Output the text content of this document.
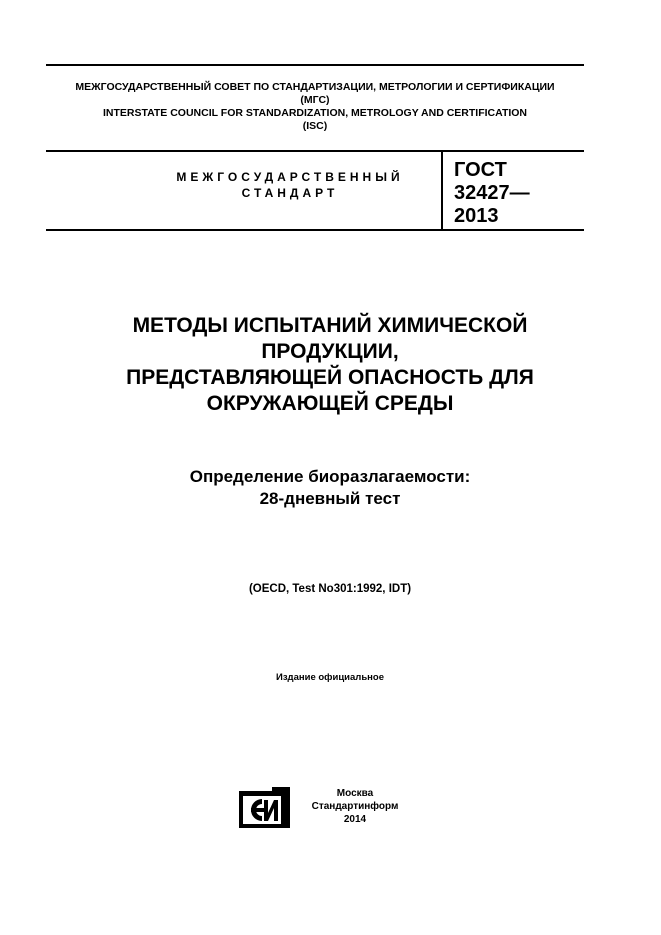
МЕЖГОСУДАРСТВЕННЫЙ СОВЕТ ПО СТАНДАРТИЗАЦИИ, МЕТРОЛОГИИ И СЕРТИФИКАЦИИ
(МГС)
INTERSTATE COUNCIL FOR STANDARDIZATION, METROLOGY AND CERTIFICATION
(ISC)
МЕЖГОСУДАРСТВЕННЫЙ
СТАНДАРТ
ГОСТ
32427—
2013
МЕТОДЫ ИСПЫТАНИЙ ХИМИЧЕСКОЙ
ПРОДУКЦИИ,
ПРЕДСТАВЛЯЮЩЕЙ ОПАСНОСТЬ ДЛЯ
ОКРУЖАЮЩЕЙ СРЕДЫ
Определение биоразлагаемости:
28-дневный тест
(OECD, Test No301:1992, IDT)
Издание официальное
Москва
Стандартинформ
2014
